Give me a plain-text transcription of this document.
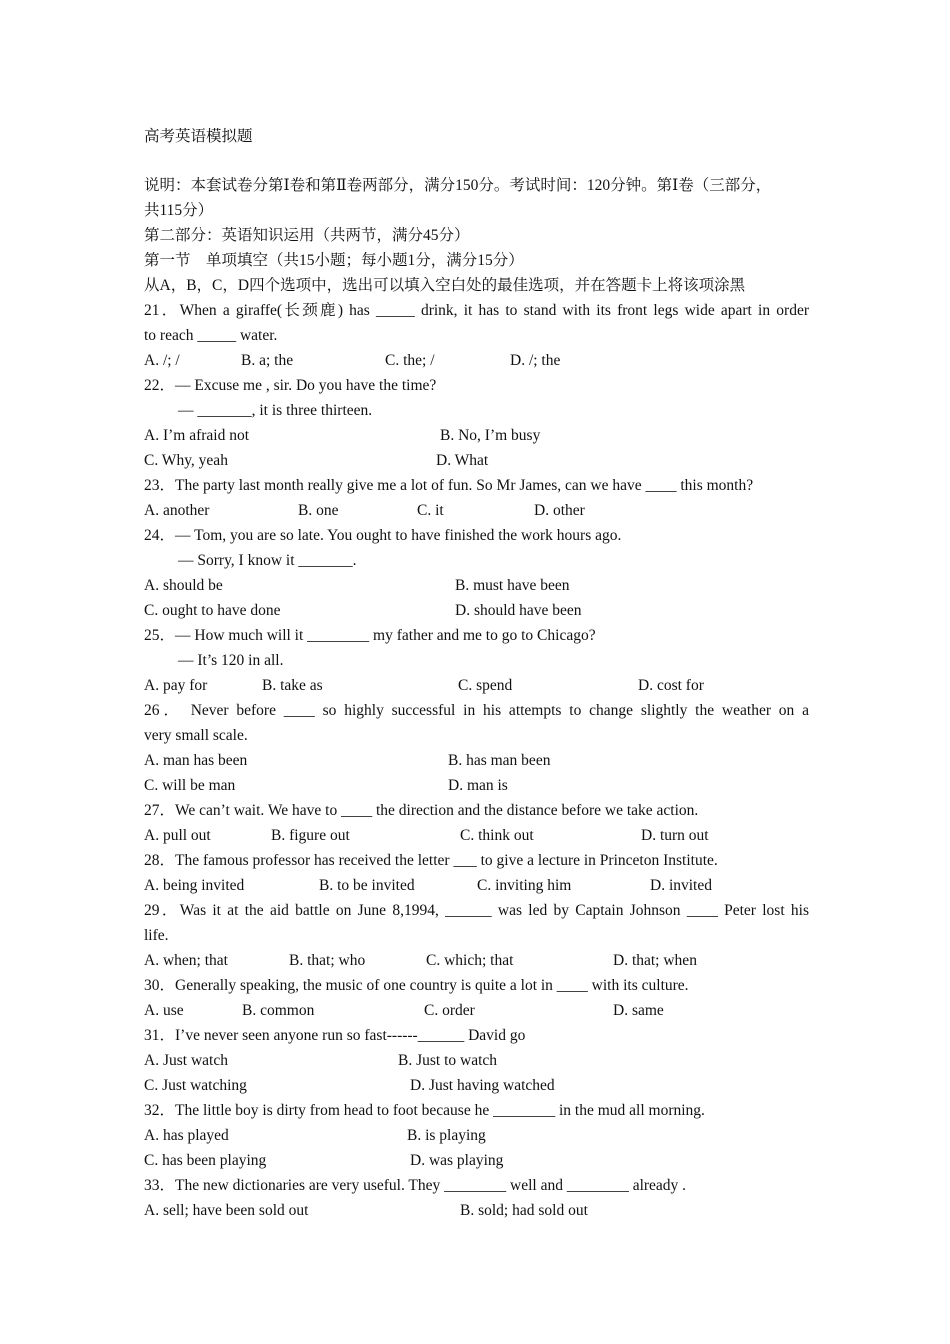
高考英语模拟题
说明：本套试卷分第Ⅰ卷和第Ⅱ卷两部分，满分150分。考试时间：120分钟。第Ⅰ卷（三部分，
共115分）
第二部分：英语知识运用（共两节，满分45分）
第一节　单项填空（共15小题；每小题1分，满分15分）
从A，B，C，D四个选项中，选出可以填入空白处的最佳选项，并在答题卡上将该项涂黑
21．When a giraffe(长颈鹿) has _____ drink, it has to stand with its front legs wide apart in order
to reach _____ water.
A. /; /	B. a; the	C. the; /	D. /; the
22．— Excuse me , sir. Do you have the time?
— _______, it is three thirteen.
A. I’m afraid not	B. No, I’m busy
C. Why, yeah	D. What
23．The party last month really give me a lot of fun. So Mr James, can we have ____ this month?
A. another	B. one	C. it	D. other
24．— Tom, you are so late. You ought to have finished the work hours ago.
— Sorry, I know it _______.
A. should be	B. must have been
C. ought to have done	D. should have been
25．— How much will it ________ my father and me to go to Chicago?
— It’s 120 in all.
A. pay for	B. take as	C. spend	D. cost for
26． Never before ____ so highly successful in his attempts to change slightly the weather on a
very small scale.
A. man has been	B. has man been
C. will be man	D. man is
27．We can’t wait. We have to ____ the direction and the distance before we take action.
A. pull out	B. figure out	C. think out	D. turn out
28．The famous professor has received the letter ___ to give a lecture in Princeton Institute.
A. being invited	B. to be invited	C. inviting him	D. invited
29．Was it at the aid battle on June 8,1994, ______ was led by Captain Johnson ____ Peter lost his
life.
A. when; that	B. that; who	C. which; that	D. that; when
30．Generally speaking, the music of one country is quite a lot in ____ with its culture.
A. use	B. common	C. order	D. same
31．I’ve never seen anyone run so fast------______ David go
A. Just watch	B. Just to watch
C. Just watching	D. Just having watched
32．The little boy is dirty from head to foot because he ________ in the mud all morning.
A. has played	B. is playing
C. has been playing	D. was playing
33．The new dictionaries are very useful. They ________ well and ________ already .
A. sell; have been sold out	B. sold; had sold out
